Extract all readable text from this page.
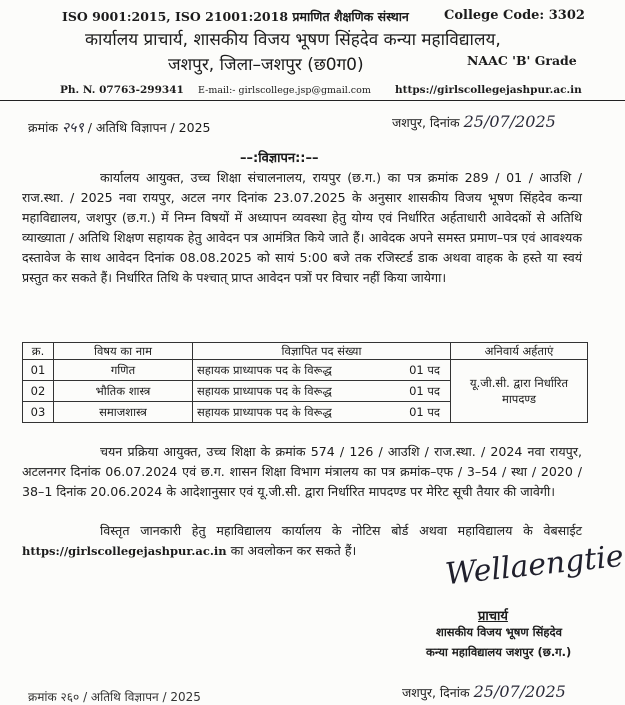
ISO 9001:2015, ISO 21001:2018 प्रमाणित शैक्षणिक संस्थान	College Code: 3302
कार्यालय प्राचार्य, शासकीय विजय भूषण सिंहदेव कन्या महाविद्यालय,
जशपुर, जिला–जशपुर (छ0ग0)	NAAC 'B' Grade
Ph. N. 07763-299341 E-mail:- girlscollege.jsp@gmail.com https://girlscollegejashpur.ac.in
क्रमांक २५९ / अतिथि विज्ञापन / 2025	जशपुर, दिनांक 25/07/2025
––:विज्ञापन::––
कार्यालय आयुक्त, उच्च शिक्षा संचालनालय, रायपुर (छ.ग.) का पत्र क्रमांक 289 / 01 / आउशि / राज.स्था. / 2025 नवा रायपुर, अटल नगर दिनांक 23.07.2025 के अनुसार शासकीय विजय भूषण सिंहदेव कन्या महाविद्यालय, जशपुर (छ.ग.) में निम्न विषयों में अध्यापन व्यवस्था हेतु योग्य एवं निर्धारित अर्हताधारी आवेदकों से अतिथि व्याख्याता / अतिथि शिक्षण सहायक हेतु आवेदन पत्र आमंत्रित किये जाते हैं। आवेदक अपने समस्त प्रमाण–पत्र एवं आवश्यक दस्तावेज के साथ आवेदन दिनांक 08.08.2025 को सायं 5:00 बजे तक रजिस्टर्ड डाक अथवा वाहक के हस्ते या स्वयं प्रस्तुत कर सकते हैं। निर्धारित तिथि के पश्चात् प्राप्त आवेदन पत्रों पर विचार नहीं किया जायेगा।
क्र.	विषय का नाम	विज्ञापित पद संख्या		अनिवार्य अर्हताएं
01	गणित	सहायक प्राध्यापक पद के विरूद्ध	01 पद	यू.जी.सी. द्वारा निर्धारित मापदण्ड
02	भौतिक शास्त्र	सहायक प्राध्यापक पद के विरूद्ध	01 पद	
03	समाजशास्त्र	सहायक प्राध्यापक पद के विरूद्ध	01 पद	
चयन प्रक्रिया आयुक्त, उच्च शिक्षा के क्रमांक 574 / 126 / आउशि / राज.स्था. / 2024 नवा रायपुर, अटलनगर दिनांक 06.07.2024 एवं छ.ग. शासन शिक्षा विभाग मंत्रालय का पत्र क्रमांक–एफ / 3–54 / स्था / 2020 / 38–1 दिनांक 20.06.2024 के आदेशानुसार एवं यू.जी.सी. द्वारा निर्धारित मापदण्ड पर मेरिट सूची तैयार की जावेगी।
विस्तृत जानकारी हेतु महाविद्यालय कार्यालय के नोटिस बोर्ड अथवा महाविद्यालय के वेबसाईट https://girlscollegejashpur.ac.in का अवलोकन कर सकते हैं।	Wellaengtie
प्राचार्य
शासकीय विजय भूषण सिंहदेव
कन्या महाविद्यालय जशपुर (छ.ग.)
क्रमांक २६० / अतिथि विज्ञापन / 2025	जशपुर, दिनांक 25/07/2025
